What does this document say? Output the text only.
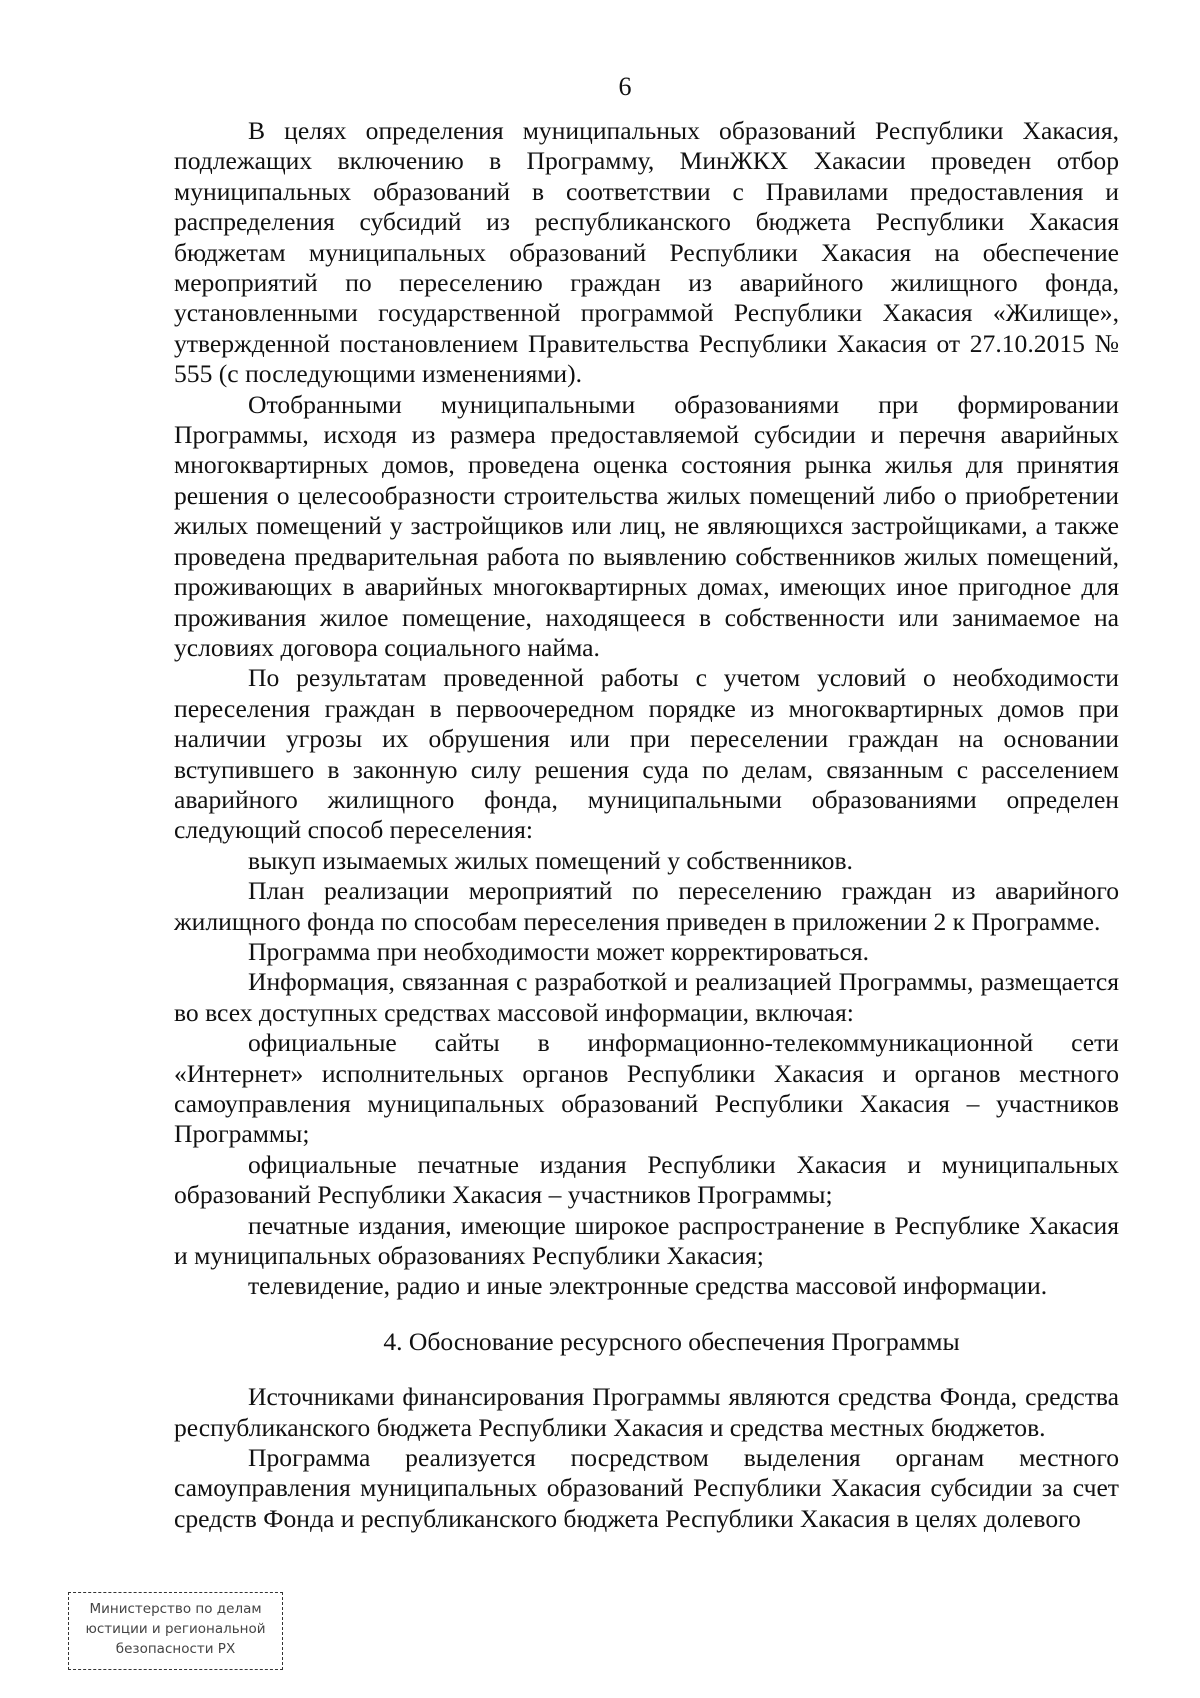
6

В целях определения муниципальных образований Республики Хакасия, подлежащих включению в Программу, МинЖКХ Хакасии проведен отбор муниципальных образований в соответствии с Правилами предоставления и распределения субсидий из республиканского бюджета Республики Хакасия бюджетам муниципальных образований Республики Хакасия на обеспечение мероприятий по переселению граждан из аварийного жилищного фонда, установленными государственной программой Республики Хакасия «Жилище», утвержденной постановлением Правительства Республики Хакасия от 27.10.2015 № 555 (с последующими изменениями).

Отобранными муниципальными образованиями при формировании Программы, исходя из размера предоставляемой субсидии и перечня аварийных многоквартирных домов, проведена оценка состояния рынка жилья для принятия решения о целесообразности строительства жилых помещений либо о приобретении жилых помещений у застройщиков или лиц, не являющихся застройщиками, а также проведена предварительная работа по выявлению собственников жилых помещений, проживающих в аварийных многоквартирных домах, имеющих иное пригодное для проживания жилое помещение, находящееся в собственности или занимаемое на условиях договора социального найма.

По результатам проведенной работы с учетом условий о необходимости переселения граждан в первоочередном порядке из многоквартирных домов при наличии угрозы их обрушения или при переселении граждан на основании вступившего в законную силу решения суда по делам, связанным с расселением аварийного жилищного фонда, муниципальными образованиями определен следующий способ переселения:

выкуп изымаемых жилых помещений у собственников.

План реализации мероприятий по переселению граждан из аварийного жилищного фонда по способам переселения приведен в приложении 2 к Программе.

Программа при необходимости может корректироваться.

Информация, связанная с разработкой и реализацией Программы, размещается во всех доступных средствах массовой информации, включая:

официальные сайты в информационно-телекоммуникационной сети «Интернет» исполнительных органов Республики Хакасия и органов местного самоуправления муниципальных образований Республики Хакасия – участников Программы;

официальные печатные издания Республики Хакасия и муниципальных образований Республики Хакасия – участников Программы;

печатные издания, имеющие широкое распространение в Республике Хакасия и муниципальных образованиях Республики Хакасия;

телевидение, радио и иные электронные средства массовой информации.

4. Обоснование ресурсного обеспечения Программы

Источниками финансирования Программы являются средства Фонда, средства республиканского бюджета Республики Хакасия и средства местных бюджетов.

Программа реализуется посредством выделения органам местного самоуправления муниципальных образований Республики Хакасия субсидии за счет средств Фонда и республиканского бюджета Республики Хакасия в целях долевого

Министерство по делам
юстиции и региональной
безопасности РХ
